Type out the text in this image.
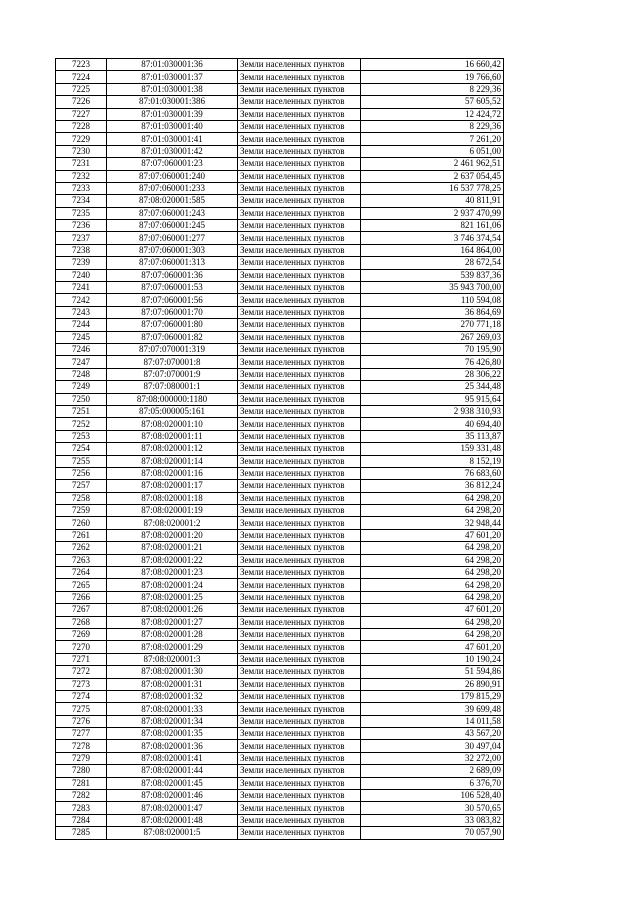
7223	87:01:030001:36	Земли населенных пунктов	16 660,42
7224	87:01:030001:37	Земли населенных пунктов	19 766,60
7225	87:01:030001:38	Земли населенных пунктов	8 229,36
7226	87:01:030001:386	Земли населенных пунктов	57 605,52
7227	87:01:030001:39	Земли населенных пунктов	12 424,72
7228	87:01:030001:40	Земли населенных пунктов	8 229,36
7229	87:01:030001:41	Земли населенных пунктов	7 261,20
7230	87:01:030001:42	Земли населенных пунктов	6 051,00
7231	87:07:060001:23	Земли населенных пунктов	2 461 962,51
7232	87:07:060001:240	Земли населенных пунктов	2 637 054,45
7233	87:07:060001:233	Земли населенных пунктов	16 537 778,25
7234	87:08:020001:585	Земли населенных пунктов	40 811,91
7235	87:07:060001:243	Земли населенных пунктов	2 937 470,99
7236	87:07:060001:245	Земли населенных пунктов	821 161,06
7237	87:07:060001:277	Земли населенных пунктов	3 746 374,54
7238	87:07:060001:303	Земли населенных пунктов	164 864,00
7239	87:07:060001:313	Земли населенных пунктов	28 672,54
7240	87:07:060001:36	Земли населенных пунктов	539 837,36
7241	87:07:060001:53	Земли населенных пунктов	35 943 700,00
7242	87:07:060001:56	Земли населенных пунктов	110 594,08
7243	87:07:060001:70	Земли населенных пунктов	36 864,69
7244	87:07:060001:80	Земли населенных пунктов	270 771,18
7245	87:07:060001:82	Земли населенных пунктов	267 269,03
7246	87:07:070001:319	Земли населенных пунктов	70 195,90
7247	87:07:070001:8	Земли населенных пунктов	76 426,80
7248	87:07:070001:9	Земли населенных пунктов	28 306,22
7249	87:07:080001:1	Земли населенных пунктов	25 344,48
7250	87:08:000000:1180	Земли населенных пунктов	95 915,64
7251	87:05:000005:161	Земли населенных пунктов	2 938 310,93
7252	87:08:020001:10	Земли населенных пунктов	40 694,40
7253	87:08:020001:11	Земли населенных пунктов	35 113,87
7254	87:08:020001:12	Земли населенных пунктов	159 331,48
7255	87:08:020001:14	Земли населенных пунктов	8 152,19
7256	87:08:020001:16	Земли населенных пунктов	76 683,60
7257	87:08:020001:17	Земли населенных пунктов	36 812,24
7258	87:08:020001:18	Земли населенных пунктов	64 298,20
7259	87:08:020001:19	Земли населенных пунктов	64 298,20
7260	87:08:020001:2	Земли населенных пунктов	32 948,44
7261	87:08:020001:20	Земли населенных пунктов	47 601,20
7262	87:08:020001:21	Земли населенных пунктов	64 298,20
7263	87:08:020001:22	Земли населенных пунктов	64 298,20
7264	87:08:020001:23	Земли населенных пунктов	64 298,20
7265	87:08:020001:24	Земли населенных пунктов	64 298,20
7266	87:08:020001:25	Земли населенных пунктов	64 298,20
7267	87:08:020001:26	Земли населенных пунктов	47 601,20
7268	87:08:020001:27	Земли населенных пунктов	64 298,20
7269	87:08:020001:28	Земли населенных пунктов	64 298,20
7270	87:08:020001:29	Земли населенных пунктов	47 601,20
7271	87:08:020001:3	Земли населенных пунктов	10 190,24
7272	87:08:020001:30	Земли населенных пунктов	51 594,86
7273	87:08:020001:31	Земли населенных пунктов	26 890,91
7274	87:08:020001:32	Земли населенных пунктов	179 815,29
7275	87:08:020001:33	Земли населенных пунктов	39 699,48
7276	87:08:020001:34	Земли населенных пунктов	14 011,58
7277	87:08:020001:35	Земли населенных пунктов	43 567,20
7278	87:08:020001:36	Земли населенных пунктов	30 497,04
7279	87:08:020001:41	Земли населенных пунктов	32 272,00
7280	87:08:020001:44	Земли населенных пунктов	2 689,09
7281	87:08:020001:45	Земли населенных пунктов	6 376,70
7282	87:08:020001:46	Земли населенных пунктов	106 528,40
7283	87:08:020001:47	Земли населенных пунктов	30 570,65
7284	87:08:020001:48	Земли населенных пунктов	33 083,82
7285	87:08:020001:5	Земли населенных пунктов	70 057,90
